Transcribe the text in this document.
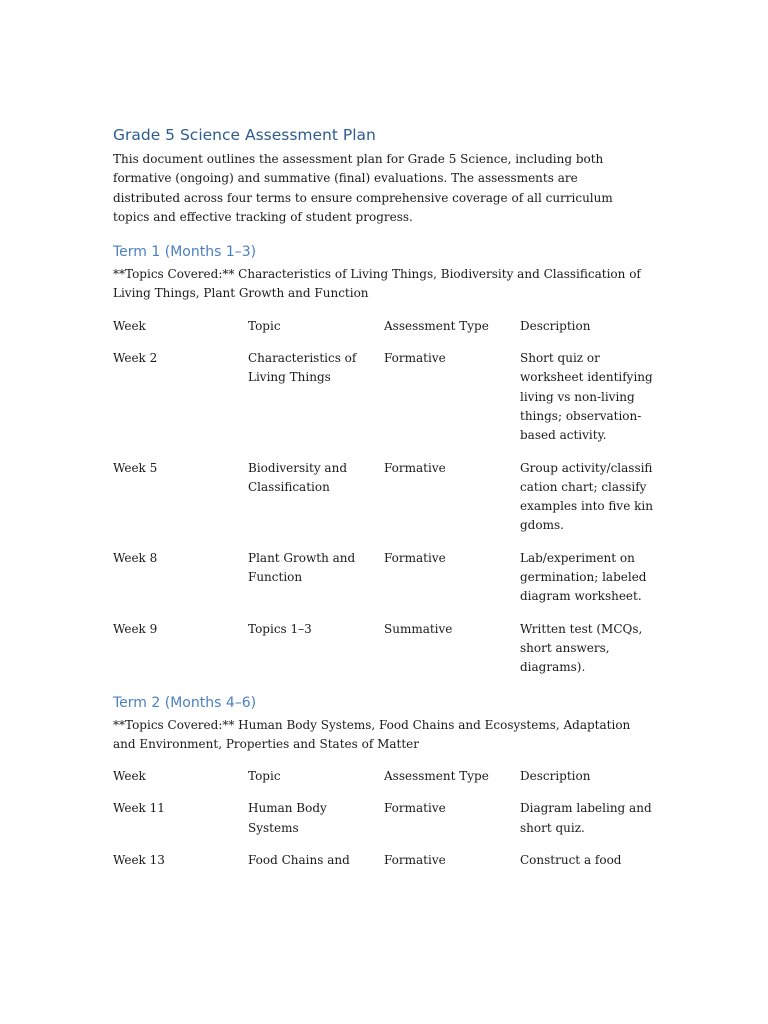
Grade 5 Science Assessment Plan

This document outlines the assessment plan for Grade 5 Science, including both formative (ongoing) and summative (final) evaluations. The assessments are distributed across four terms to ensure comprehensive coverage of all curriculum topics and effective tracking of student progress.

Term 1 (Months 1–3)

**Topics Covered:** Characteristics of Living Things, Biodiversity and Classification of Living Things, Plant Growth and Function

Week	Topic	Assessment Type	Description
Week 2	Characteristics of Living Things	Formative	Short quiz or worksheet identifying living vs non-living things; observation-based activity.
Week 5	Biodiversity and Classification	Formative	Group activity/classification chart; classify examples into five kingdoms.
Week 8	Plant Growth and Function	Formative	Lab/experiment on germination; labeled diagram worksheet.
Week 9	Topics 1–3	Summative	Written test (MCQs, short answers, diagrams).
Term 2 (Months 4–6)

**Topics Covered:** Human Body Systems, Food Chains and Ecosystems, Adaptation and Environment, Properties and States of Matter

Week	Topic	Assessment Type	Description
Week 11	Human Body Systems	Formative	Diagram labeling and short quiz.
Week 13	Food Chains and	Formative	Construct a food
